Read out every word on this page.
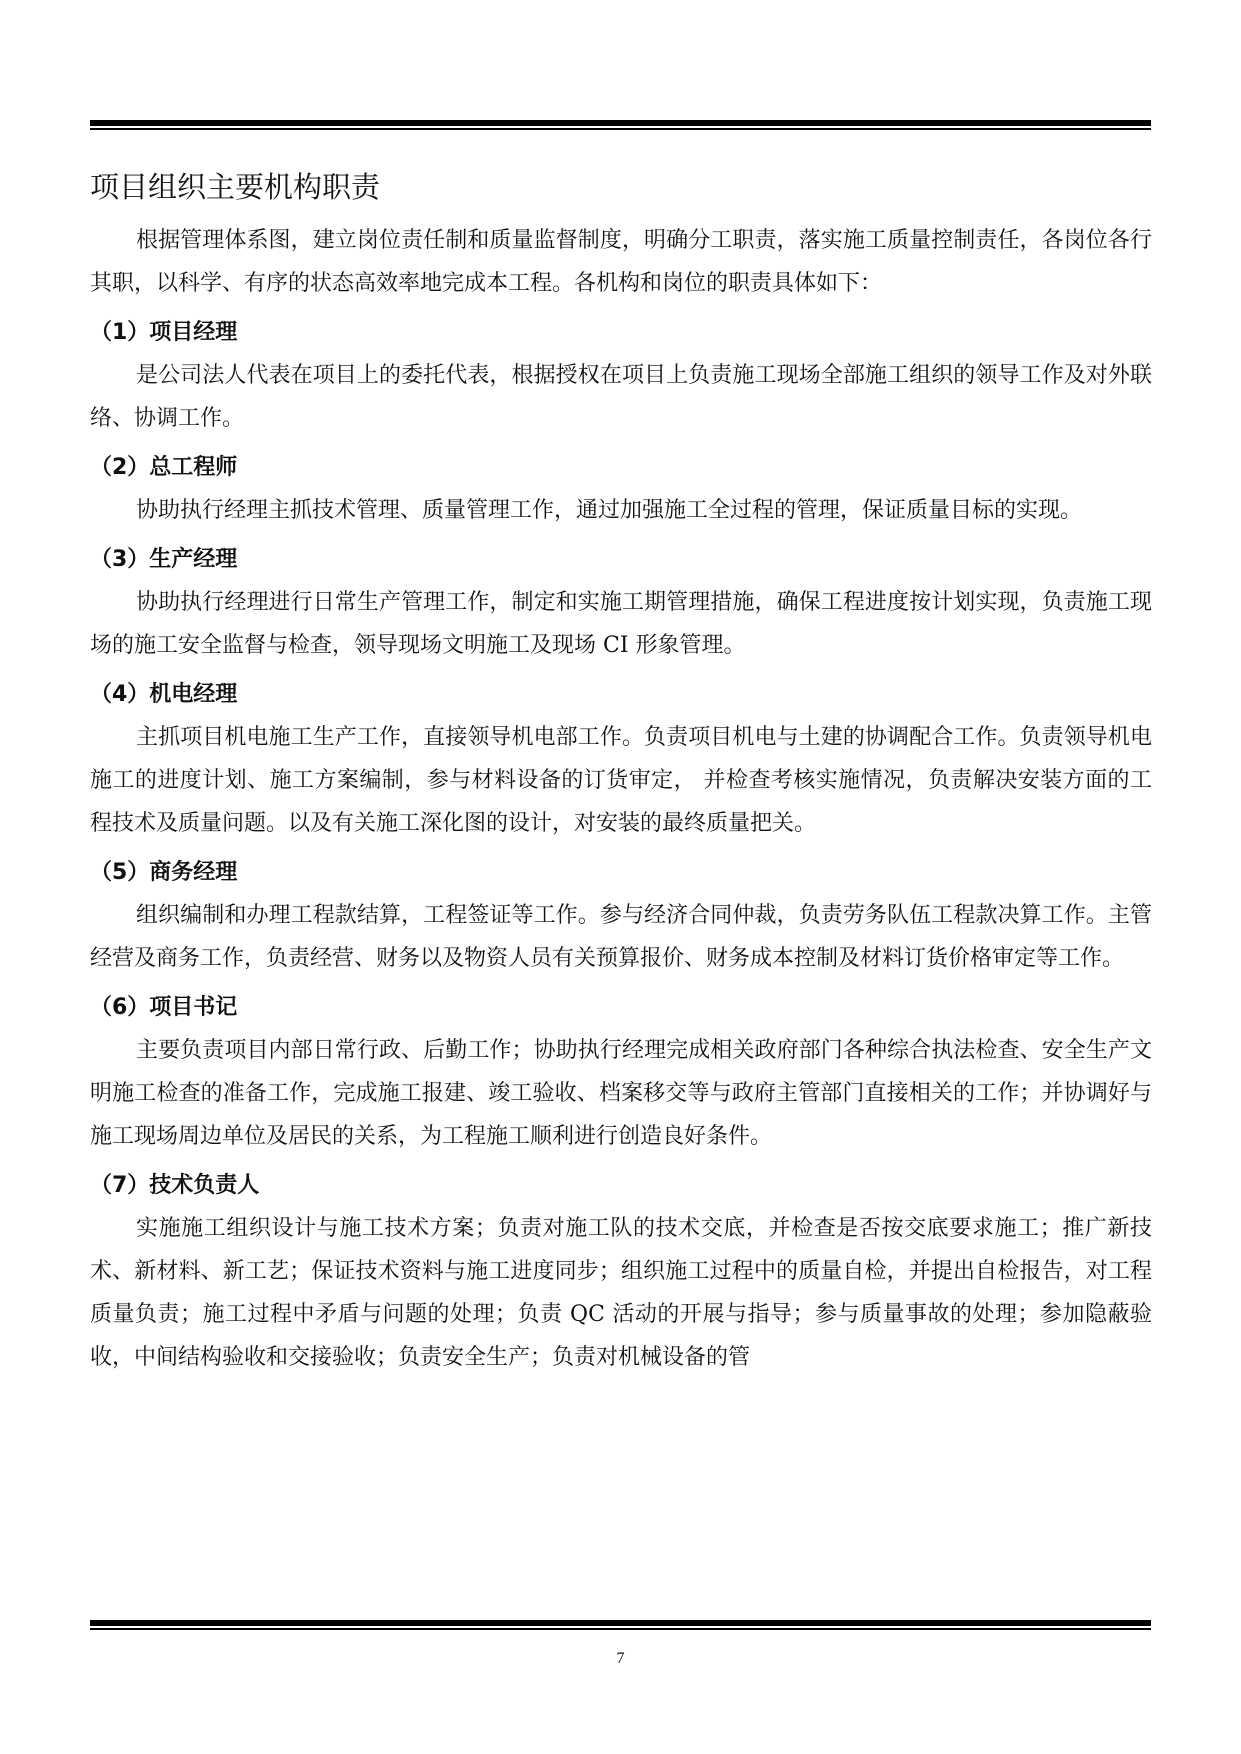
项目组织主要机构职责

根据管理体系图，建立岗位责任制和质量监督制度，明确分工职责，落实施工质量控制责任，各岗位各行其职，以科学、有序的状态高效率地完成本工程。各机构和岗位的职责具体如下：

（1）项目经理

是公司法人代表在项目上的委托代表，根据授权在项目上负责施工现场全部施工组织的领导工作及对外联络、协调工作。

（2）总工程师

协助执行经理主抓技术管理、质量管理工作，通过加强施工全过程的管理，保证质量目标的实现。

（3）生产经理

协助执行经理进行日常生产管理工作，制定和实施工期管理措施，确保工程进度按计划实现，负责施工现场的施工安全监督与检查，领导现场文明施工及现场 CI 形象管理。

（4）机电经理

主抓项目机电施工生产工作，直接领导机电部工作。负责项目机电与土建的协调配合工作。负责领导机电施工的进度计划、施工方案编制，参与材料设备的订货审定， 并检查考核实施情况，负责解决安装方面的工程技术及质量问题。以及有关施工深化图的设计，对安装的最终质量把关。

（5）商务经理

组织编制和办理工程款结算，工程签证等工作。参与经济合同仲裁，负责劳务队伍工程款决算工作。主管经营及商务工作，负责经营、财务以及物资人员有关预算报价、财务成本控制及材料订货价格审定等工作。

（6）项目书记

主要负责项目内部日常行政、后勤工作；协助执行经理完成相关政府部门各种综合执法检查、安全生产文明施工检查的准备工作，完成施工报建、竣工验收、档案移交等与政府主管部门直接相关的工作；并协调好与施工现场周边单位及居民的关系，为工程施工顺利进行创造良好条件。

（7）技术负责人

实施施工组织设计与施工技术方案；负责对施工队的技术交底，并检查是否按交底要求施工；推广新技术、新材料、新工艺；保证技术资料与施工进度同步；组织施工过程中的质量自检，并提出自检报告，对工程质量负责；施工过程中矛盾与问题的处理；负责 QC 活动的开展与指导；参与质量事故的处理；参加隐蔽验收，中间结构验收和交接验收；负责安全生产；负责对机械设备的管

7
